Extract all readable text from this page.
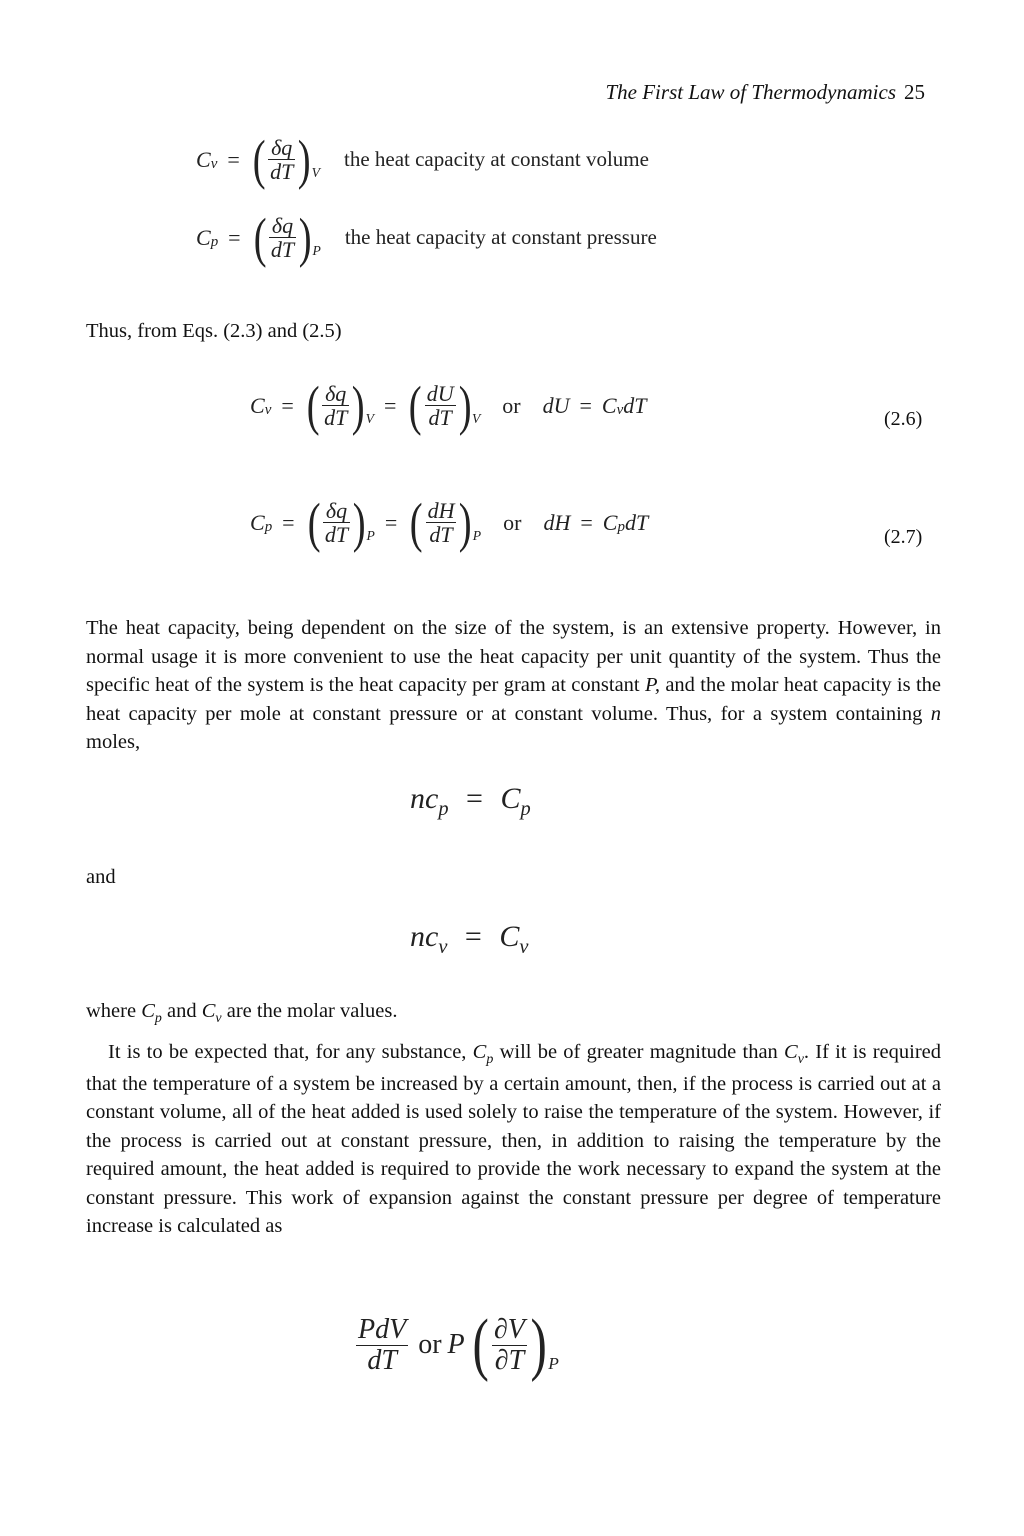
The First Law of Thermodynamics 25
C v = ( $\frac{\delta q}{dT}$ ) V
the heat capacity at constant volume
C p = ( $\frac{\delta q}{dT}$ ) P
the heat capacity at constant pressure
Thus, from Eqs. (2.3) and (2.5)
C v = ( $\frac{\delta q}{dT}$ ) V
= ( $\frac{dU}{dT}$ ) V
or dU = C v dT
(2.6)
C p = ( $\frac{\delta q}{dT}$ ) P
= ( $\frac{dH}{dT}$ ) P
or dH = C p dT
(2.7)
The heat capacity, being dependent on the size of the system, is an extensive property. However, in normal usage it is more convenient to use the heat capacity per unit quantity of the system. Thus the specific heat of the system is the heat capacity per gram at constant P, and the molar heat capacity is the heat capacity per mole at constant pressure or at constant volume. Thus, for a system containing n moles,
$nc_p = C_p$
and
$nc_v = C_v$
where $C_p$ and $C_v$ are the molar values.
It is to be expected that, for any substance, $C_p$ will be of greater magnitude than $C_v$. If it is required that the temperature of a system be increased by a certain amount, then, if the process is carried out at a constant volume, all of the heat added is used solely to raise the temperature of the system. However, if the process is carried out at constant pressure, then, in addition to raising the temperature by the required amount, the heat added is required to provide the work necessary to expand the system at the constant pressure. This work of expansion against the constant pressure per degree of temperature increase is calculated as
$\frac{\text{PdV}}{dT}$ or P ( $\frac{\partial V}{\partial T}$ ) P
